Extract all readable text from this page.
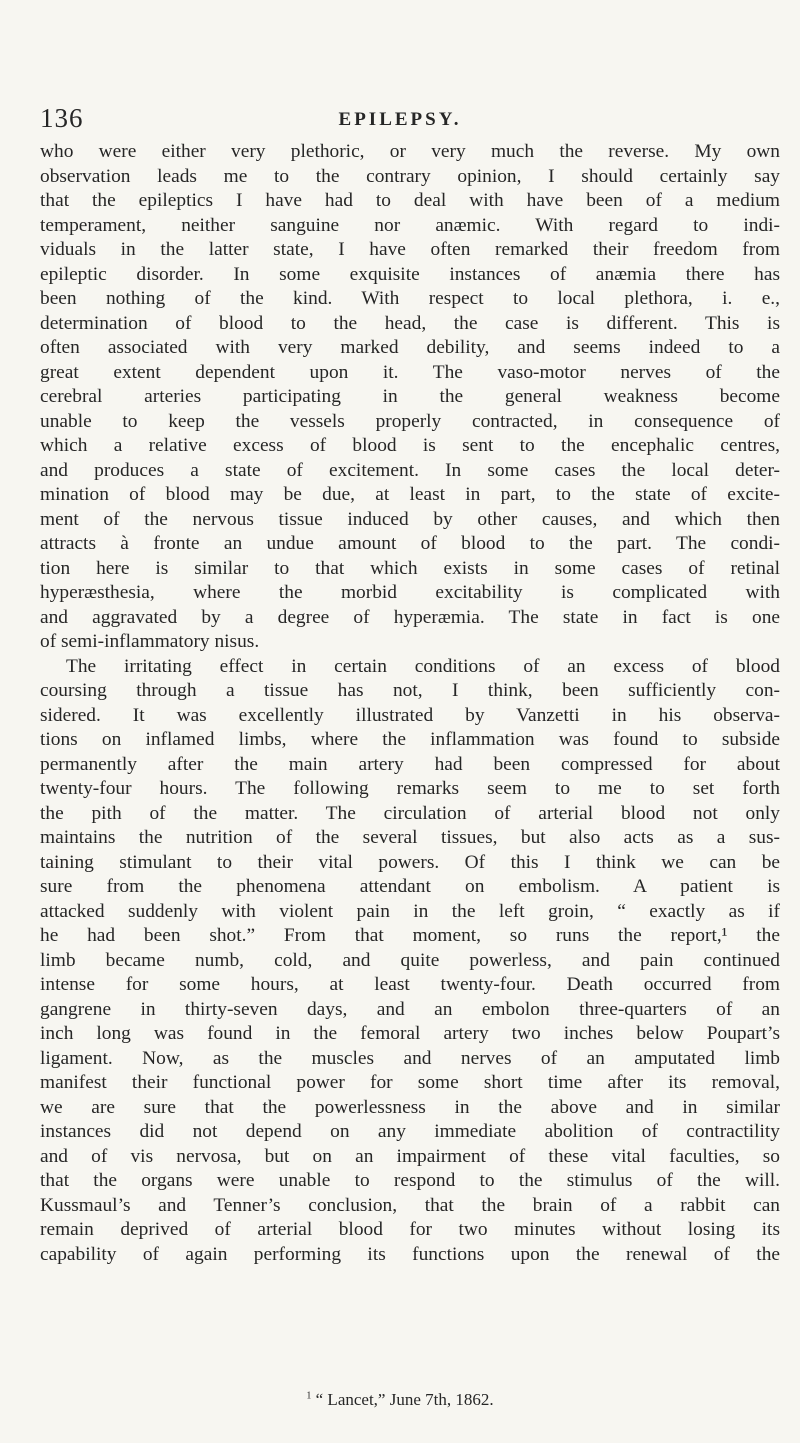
136	EPILEPSY.
who were either very plethoric, or very much the reverse. My own
observation leads me to the contrary opinion, I should certainly say
that the epileptics I have had to deal with have been of a medium
temperament, neither sanguine nor anæmic. With regard to indi-
viduals in the latter state, I have often remarked their freedom from
epileptic disorder. In some exquisite instances of anæmia there has
been nothing of the kind. With respect to local plethora, i. e.,
determination of blood to the head, the case is different. This is
often associated with very marked debility, and seems indeed to a
great extent dependent upon it. The vaso-motor nerves of the
cerebral arteries participating in the general weakness become
unable to keep the vessels properly contracted, in consequence of
which a relative excess of blood is sent to the encephalic centres,
and produces a state of excitement. In some cases the local deter-
mination of blood may be due, at least in part, to the state of excite-
ment of the nervous tissue induced by other causes, and which then
attracts à fronte an undue amount of blood to the part. The condi-
tion here is similar to that which exists in some cases of retinal
hyperæsthesia, where the morbid excitability is complicated with
and aggravated by a degree of hyperæmia. The state in fact is one
of semi-inflammatory nisus.
The irritating effect in certain conditions of an excess of blood
coursing through a tissue has not, I think, been sufficiently con-
sidered. It was excellently illustrated by Vanzetti in his observa-
tions on inflamed limbs, where the inflammation was found to subside
permanently after the main artery had been compressed for about
twenty-four hours. The following remarks seem to me to set forth
the pith of the matter. The circulation of arterial blood not only
maintains the nutrition of the several tissues, but also acts as a sus-
taining stimulant to their vital powers. Of this I think we can be
sure from the phenomena attendant on embolism. A patient is
attacked suddenly with violent pain in the left groin, “ exactly as if
he had been shot.” From that moment, so runs the report,¹ the
limb became numb, cold, and quite powerless, and pain continued
intense for some hours, at least twenty-four. Death occurred from
gangrene in thirty-seven days, and an embolon three-quarters of an
inch long was found in the femoral artery two inches below Poupart’s
ligament. Now, as the muscles and nerves of an amputated limb
manifest their functional power for some short time after its removal,
we are sure that the powerlessness in the above and in similar
instances did not depend on any immediate abolition of contractility
and of vis nervosa, but on an impairment of these vital faculties, so
that the organs were unable to respond to the stimulus of the will.
Kussmaul’s and Tenner’s conclusion, that the brain of a rabbit can
remain deprived of arterial blood for two minutes without losing its
capability of again performing its functions upon the renewal of the
$^1$ “ Lancet,” June 7th, 1862.
